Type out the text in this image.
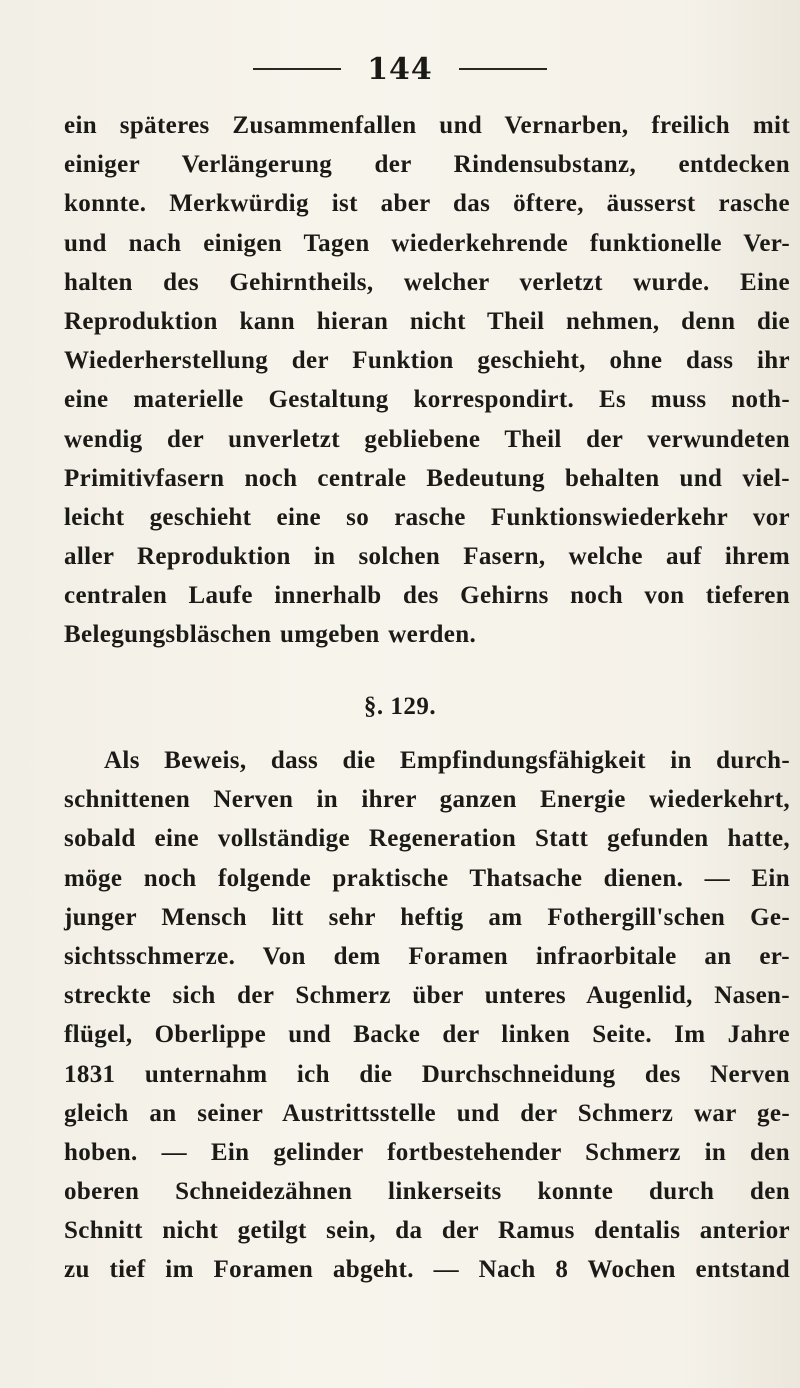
144
ein späteres Zusammenfallen und Vernarben, freilich mit
einiger Verlängerung der Rindensubstanz, entdecken
konnte. Merkwürdig ist aber das öftere, äusserst rasche
und nach einigen Tagen wiederkehrende funktionelle Ver-
halten des Gehirntheils, welcher verletzt wurde. Eine
Reproduktion kann hieran nicht Theil nehmen, denn die
Wiederherstellung der Funktion geschieht, ohne dass ihr
eine materielle Gestaltung korrespondirt. Es muss noth-
wendig der unverletzt gebliebene Theil der verwundeten
Primitivfasern noch centrale Bedeutung behalten und viel-
leicht geschieht eine so rasche Funktionswiederkehr vor
aller Reproduktion in solchen Fasern, welche auf ihrem
centralen Laufe innerhalb des Gehirns noch von tieferen
Belegungsbläschen umgeben werden.
§. 129.
Als Beweis, dass die Empfindungsfähigkeit in durch-
schnittenen Nerven in ihrer ganzen Energie wiederkehrt,
sobald eine vollständige Regeneration Statt gefunden hatte,
möge noch folgende praktische Thatsache dienen. — Ein
junger Mensch litt sehr heftig am Fothergill'schen Ge-
sichtsschmerze. Von dem Foramen infraorbitale an er-
streckte sich der Schmerz über unteres Augenlid, Nasen-
flügel, Oberlippe und Backe der linken Seite. Im Jahre
1831 unternahm ich die Durchschneidung des Nerven
gleich an seiner Austrittsstelle und der Schmerz war ge-
hoben. — Ein gelinder fortbestehender Schmerz in den
oberen Schneidezähnen linkerseits konnte durch den
Schnitt nicht getilgt sein, da der Ramus dentalis anterior
zu tief im Foramen abgeht. — Nach 8 Wochen entstand
